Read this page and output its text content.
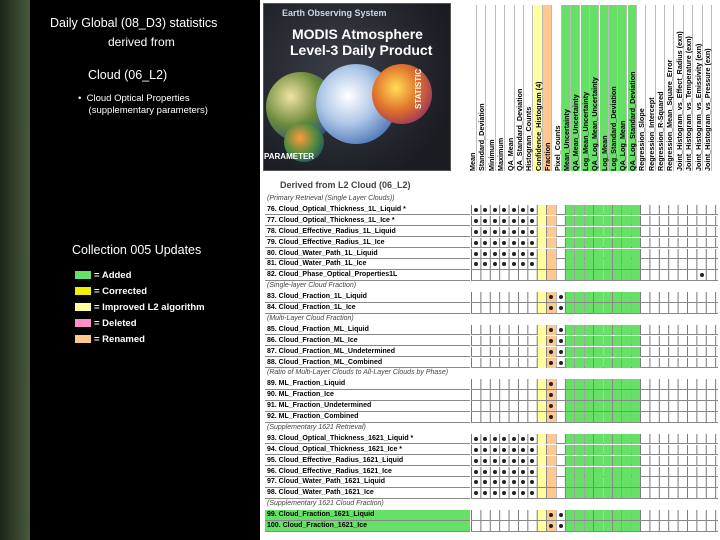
Daily Global (08_D3) statistics
derived from
Cloud (06_L2)
•  Cloud Optical Properties
(supplementary parameters)
Collection 005 Updates
= Added
= Corrected
= Improved L2 algorithm
= Deleted
= Renamed
Earth Observing System
MODIS Atmosphere
Level-3 Daily Product
PARAMETER
STATISTIC
Mean Standard_Deviation Minimum Maximum QA_Mean QA_Standard_Deviation Histogram_Counts Confidence_Histogram (4) Fraction Pixel_Counts Mean_Uncertainty QA_Mean_Uncertainty Log_Mean_Uncertainty QA_Log_Mean_Uncertainty Log_Mean Log_Standard_Deviation QA_Log_Mean QA_Log_Standard_Deviation Regression_Slope Regression_Intercept Regression_R-Squared Regression_Mean_Square_Error Joint_Histogram_vs_Effect_Radius (exn) Joint_Histogram_vs_Temperature (exn) Joint_Histogram_vs_Emissivity (exn) Joint_Histogram_vs_Pressure (exn)
Derived from L2 Cloud (06_L2)
(Primary Retrieval (Single Layer Clouds))
76. Cloud_Optical_Thickness_1L_Liquid *
77. Cloud_Optical_Thickness_1L_Ice *
78. Cloud_Effective_Radius_1L_Liquid
79. Cloud_Effective_Radius_1L_Ice
80. Cloud_Water_Path_1L_Liquid
81. Cloud_Water_Path_1L_Ice
82. Cloud_Phase_Optical_Properties1L
(Single-layer Cloud Fraction)
83. Cloud_Fraction_1L_Liquid
84. Cloud_Fraction_1L_Ice
(Multi-Layer Cloud Fraction)
85. Cloud_Fraction_ML_Liquid
86. Cloud_Fraction_ML_Ice
87. Cloud_Fraction_ML_Undetermined
88. Cloud_Fraction_ML_Combined
(Ratio of Multi-Layer Clouds to All-Layer Clouds by Phase)
89. ML_Fraction_Liquid
90. ML_Fraction_Ice
91. ML_Fraction_Undetermined
92. ML_Fraction_Combined
(Supplementary 1621 Retrieval)
93. Cloud_Optical_Thickness_1621_Liquid *
94. Cloud_Optical_Thickness_1621_Ice *
95. Cloud_Effective_Radius_1621_Liquid
96. Cloud_Effective_Radius_1621_Ice
97. Cloud_Water_Path_1621_Liquid
98. Cloud_Water_Path_1621_Ice
(Supplementary 1621 Cloud Fraction)
99. Cloud_Fraction_1621_Liquid
100. Cloud_Fraction_1621_Ice
